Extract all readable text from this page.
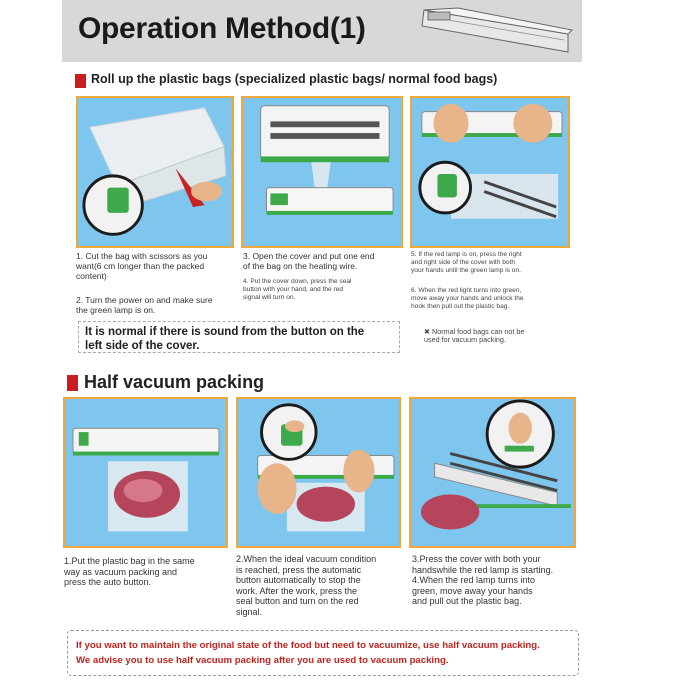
Operation Method(1)
Roll up the plastic bags (specialized plastic bags/ normal food bags)
1. Cut the bag with scissors as you
want(6 cm longer than the packed
content)
2. Turn the power on and make sure
the green lamp is on.
3. Open the cover and put one end
of the bag on the heating wire.
4. Put the cover down, press the seal
button with your hand, and the red
signal will turn on.
5. If the red lamp is on, press the right
and right side of the cover with both
your hands until the green lamp is on.
6. When the red light turns into green,
move away your hands and unlock the
hook then pull out the plastic bag.
It is normal if there is sound from the button on the
left side of the cover.
✖ Normal food bags can not be
used for vacuum packing.
Half vacuum packing
1.Put the plastic bag in the same
way as vacuum packing and
press the auto button.
2.When the ideal vacuum condition
is reached, press the automatic
button automatically to stop the
work. After the work, press the
seal button and turn on the red
signal.
3.Press the cover with both your
handswhile the red lamp is starting.
4.When the red lamp turns into
green, move away your hands
and pull out the plastic bag.
If you want to maintain the original state of the food but need to vacuumize, use half vacuum packing.
We advise you to use half vacuum packing after you are used to vacuum packing.
